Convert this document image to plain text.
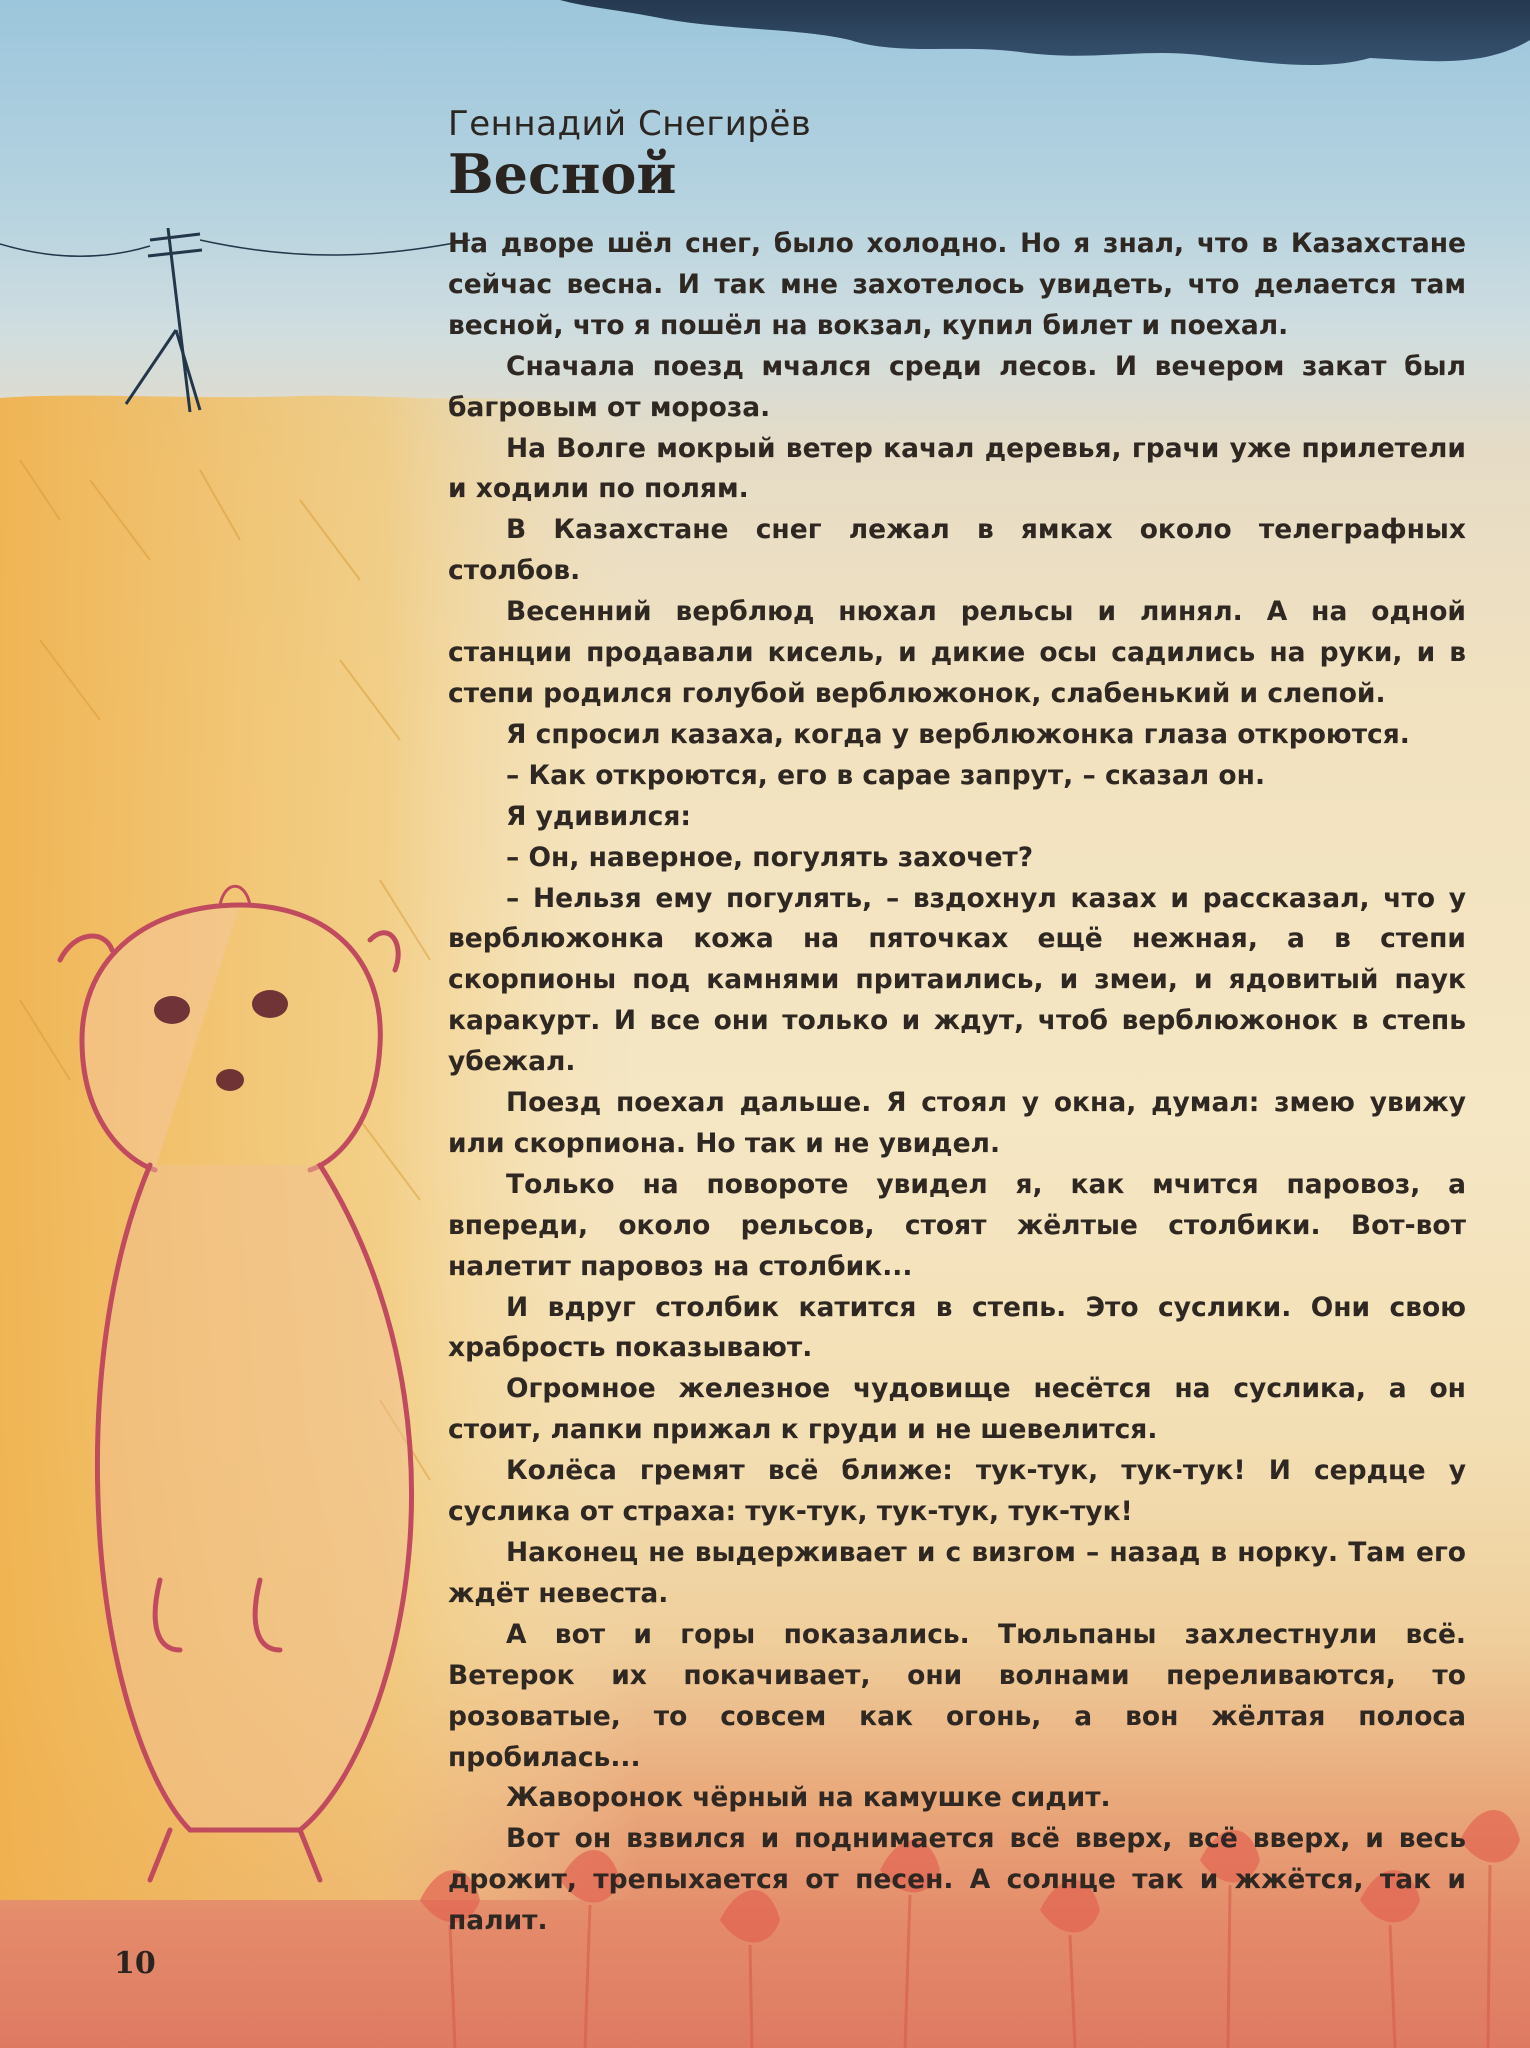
Геннадий Снегирёв
Весной

На дворе шёл снег, было холодно. Но я знал, что в Казахстане сейчас весна. И так мне захотелось увидеть, что делается там весной, что я пошёл на вокзал, купил билет и поехал.

Сначала поезд мчался среди лесов. И вечером закат был багровым от мороза.

На Волге мокрый ветер качал деревья, грачи уже прилетели и ходили по полям.

В Казахстане снег лежал в ямках около телеграфных столбов.

Весенний верблюд нюхал рельсы и линял. А на одной станции продавали кисель, и дикие осы садились на руки, и в степи родился голубой верблюжонок, слабенький и слепой.

Я спросил казаха, когда у верблюжонка глаза откроются.

– Как откроются, его в сарае запрут, – сказал он.

Я удивился:

– Он, наверное, погулять захочет?

– Нельзя ему погулять, – вздохнул казах и рассказал, что у верблюжонка кожа на пяточках ещё нежная, а в степи скорпионы под камнями притаились, и змеи, и ядовитый паук каракурт. И все они только и ждут, чтоб верблюжонок в степь убежал.

Поезд поехал дальше. Я стоял у окна, думал: змею увижу или скорпиона. Но так и не увидел.

Только на повороте увидел я, как мчится паровоз, а впереди, около рельсов, стоят жёлтые столбики. Вот-вот налетит паровоз на столбик...

И вдруг столбик катится в степь. Это суслики. Они свою храбрость показывают.

Огромное железное чудовище несётся на суслика, а он стоит, лапки прижал к груди и не шевелится.

Колёса гремят всё ближе: тук-тук, тук-тук! И сердце у суслика от страха: тук-тук, тук-тук, тук-тук!

Наконец не выдерживает и с визгом – назад в норку. Там его ждёт невеста.

А вот и горы показались. Тюльпаны захлестнули всё. Ветерок их покачивает, они волнами переливаются, то розоватые, то совсем как огонь, а вон жёлтая полоса пробилась...

Жаворонок чёрный на камушке сидит.

Вот он взвился и поднимается всё вверх, всё вверх, и весь дрожит, трепыхается от песен. А солнце так и жжётся, так и палит.

10
